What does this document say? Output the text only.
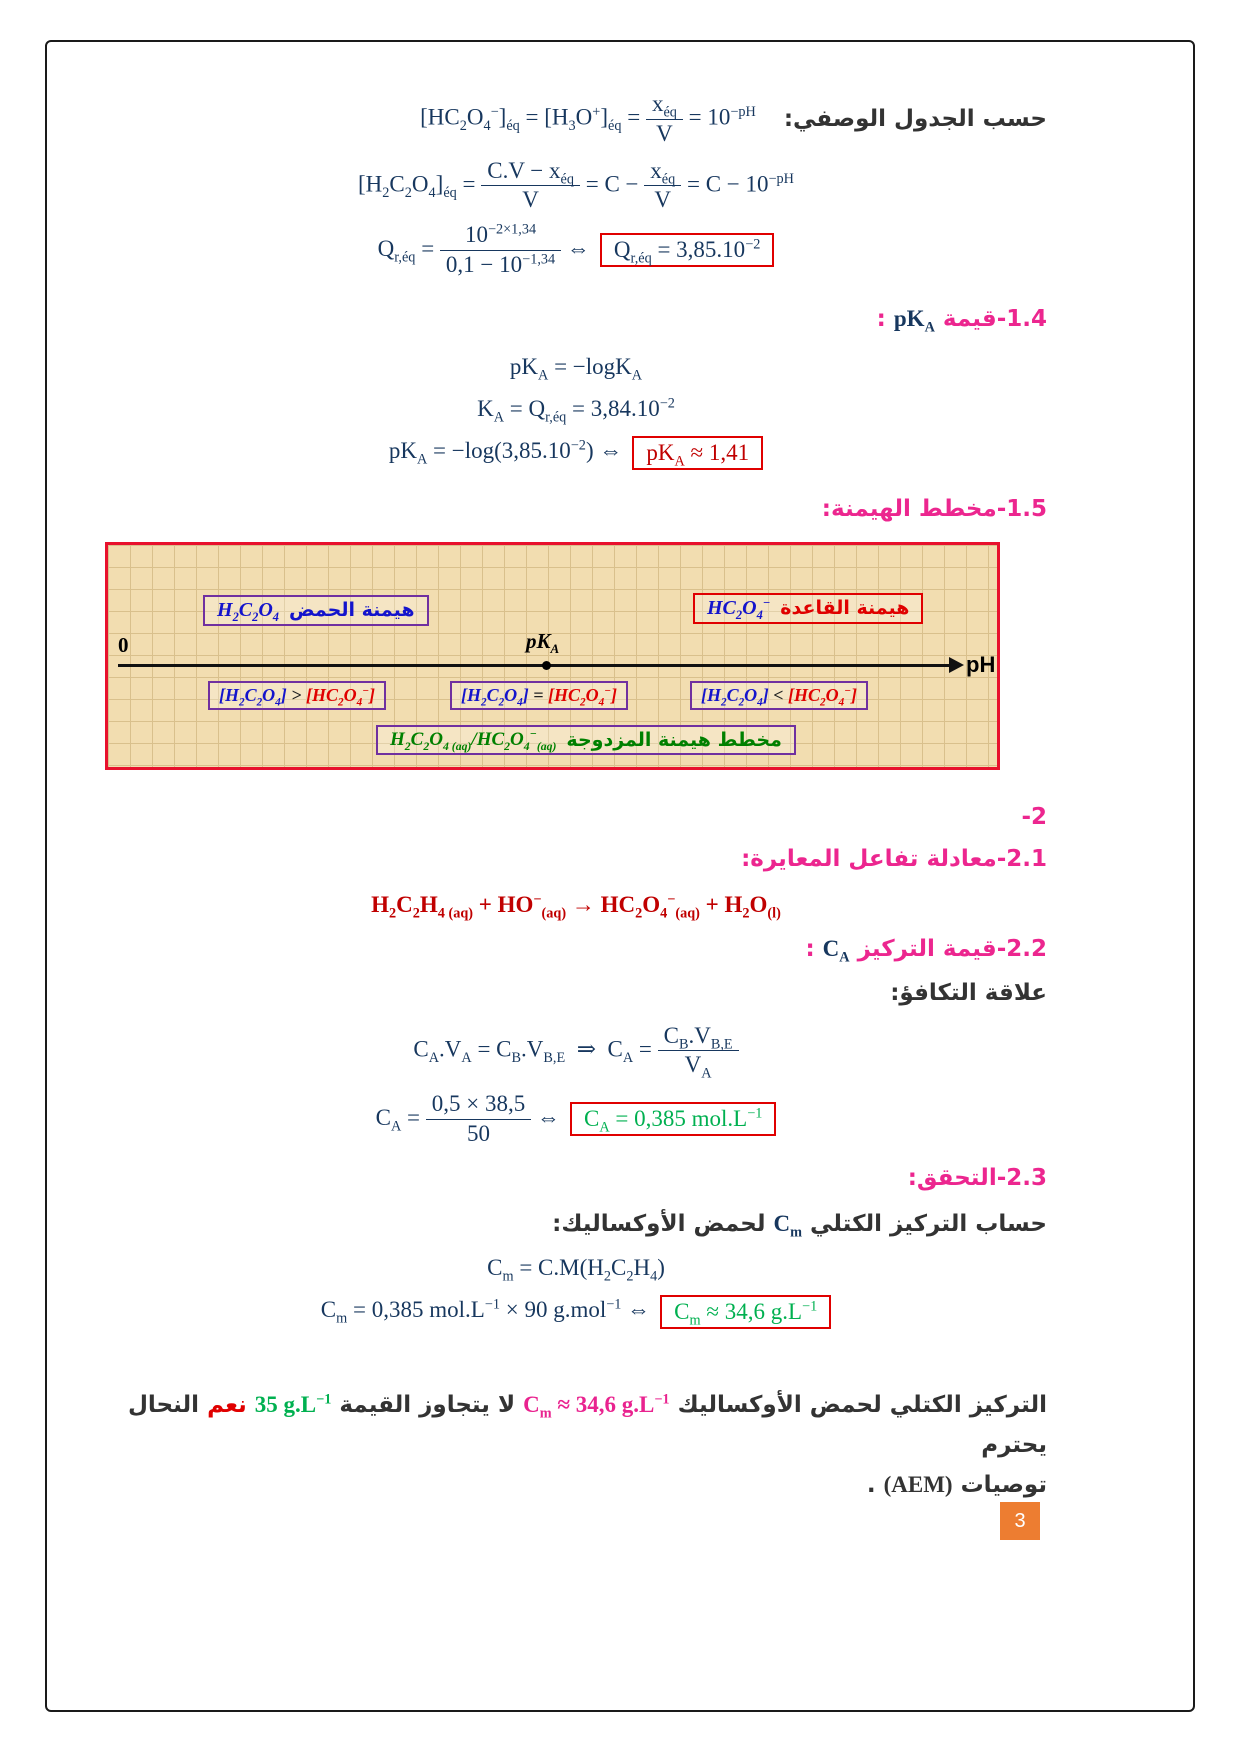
حسب الجدول الوصفي:
$[HC_2O_4^-]_{éq} = [H_3O^+]_{éq} = \frac{x_{éq}}{V} = 10^{-pH}$
$[H_2C_2O_4]_{éq} = \frac{C.V - x_{éq}}{V} = C - \frac{x_{éq}}{V} = C - 10^{-pH}$
$Q_{r,éq} = \frac{10^{-2\times 1,34}}{0,1 - 10^{-1,34}}$ ⇔ $Q_{r,éq} = 3,85.10^{-2}$
1.4-قيمة $pK_A$ :
$pK_A = -\log K_A$
$K_A = Q_{r,éq} = 3,84.10^{-2}$
$pK_A = -\log(3,85.10^{-2})$ ⇔ $pK_A \approx 1,41$
1.5-مخطط الهيمنة:
هيمنة الحمض
$H_2C_2O_4$	هيمنة القاعدة
$HC_2O_4^-$
0
pH
$pK_A$
$[H_2C_2O_4] > [HC_2O_4^-]$	$[H_2C_2O_4] = [HC_2O_4^-]$	$[H_2C_2O_4] < [HC_2O_4^-]$
مخطط هيمنة المزدوجة
$H_2C_2O_{4 (aq)}/HC_2O_4^-_{(aq)}$
-2
2.1-معادلة تفاعل المعايرة:
$H_2C_2H_{4 (aq)} + HO^-_{(aq)} \to HC_2O_4^-_{(aq)} + H_2O_{(l)}$
2.2-قيمة التركيز $C_A$ :
علاقة التكافؤ:
$C_A.V_A = C_B.V_{B,E}$  ⇒  $C_A = \frac{C_B.V_{B,E}}{V_A}$
$C_A = \frac{0,5 \times 38,5}{50}$ ⇔ $C_A = 0,385$ $mol.L^{-1}$
2.3-التحقق:
حساب التركيز الكتلي $C_m$ لحمض الأوكساليك:
$C_m = C.M(H_2C_2H_4)$
$C_m = 0,385$ $mol.L^{-1} \times 90$ g.mol$^{-1}$ ⇔ $C_m \approx 34,6$ $g.L^{-1}$
التركيز الكتلي لحمض الأوكساليك $C_m \approx 34,6$ $g.L^{-1}$ لا يتجاوز القيمة 35 $g.L^{-1}$ نعم النحال يحترم
توصيات (AEM) .
3
